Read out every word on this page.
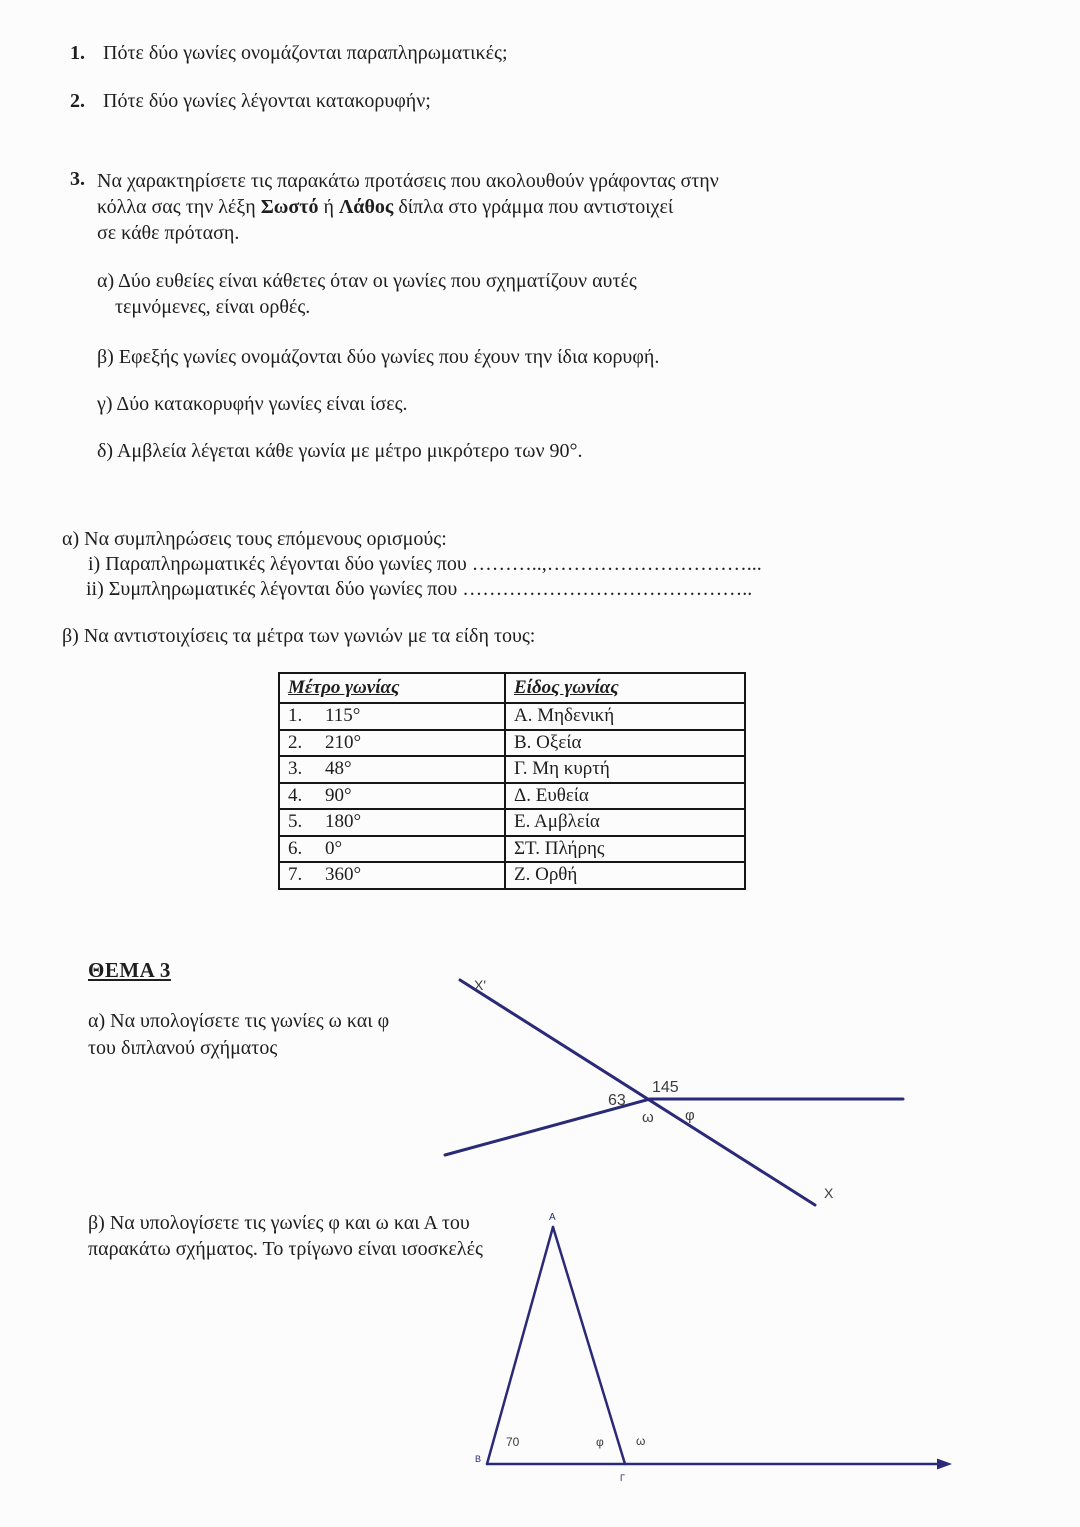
1. Πότε δύο γωνίες ονομάζονται παραπληρωματικές;
2. Πότε δύο γωνίες λέγονται κατακορυφήν;
3. Να χαρακτηρίσετε τις παρακάτω προτάσεις που ακολουθούν γράφοντας στην
κόλλα σας την λέξη Σωστό ή Λάθος δίπλα στο γράμμα που αντιστοιχεί
σε κάθε πρόταση.
α) Δύο ευθείες είναι κάθετες όταν οι γωνίες που σχηματίζουν αυτές
τεμνόμενες, είναι ορθές.
β) Εφεξής γωνίες ονομάζονται δύο γωνίες που έχουν την ίδια κορυφή.
γ) Δύο κατακορυφήν γωνίες είναι ίσες.
δ) Αμβλεία λέγεται κάθε γωνία με μέτρο μικρότερο των 90°.
α) Να συμπληρώσεις τους επόμενους ορισμούς:
i) Παραπληρωματικές λέγονται δύο γωνίες που ………..,…………………………...
ii) Συμπληρωματικές λέγονται δύο γωνίες που ……………………………………..
β) Να αντιστοιχίσεις τα μέτρα των γωνιών με τα είδη τους:
Μέτρο γωνίας	Είδος γωνίας
1. 115°	Α. Μηδενική
2. 210°	Β. Οξεία
3. 48°	Γ. Μη κυρτή
4. 90°	Δ. Ευθεία
5. 180°	Ε. Αμβλεία
6. 0°	ΣΤ. Πλήρης
7. 360°	Ζ. Ορθή
ΘΕΜΑ 3
α) Να υπολογίσετε τις γωνίες ω και φ
του διπλανού σχήματος
X'
X
145
63
ω φ
β) Να υπολογίσετε τις γωνίες φ και ω και Α του
παρακάτω σχήματος. Το τρίγωνο είναι ισοσκελές
A
B
Γ
70	φ	ω
